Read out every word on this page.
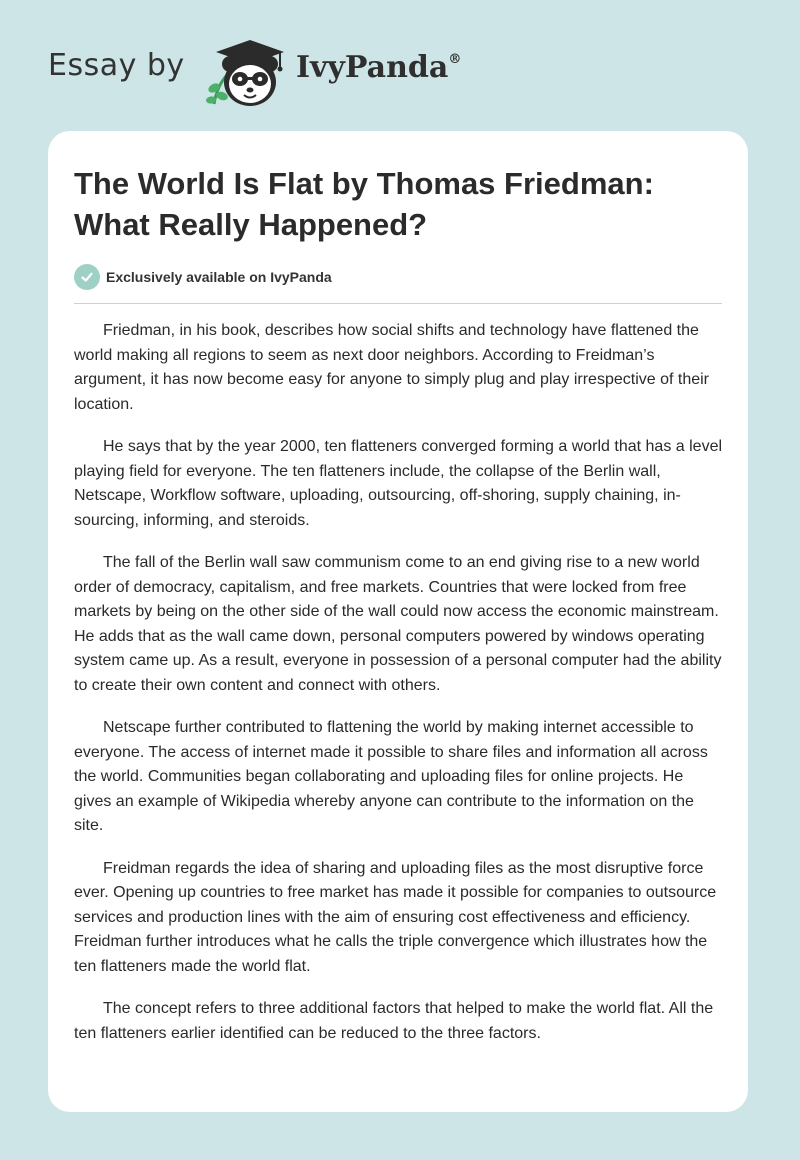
Essay by	IvyPanda®
The World Is Flat by Thomas Friedman: What Really Happened?
Exclusively available on IvyPanda

Friedman, in his book, describes how social shifts and technology have flattened the world making all regions to seem as next door neighbors. According to Freidman’s argument, it has now become easy for anyone to simply plug and play irrespective of their location.

He says that by the year 2000, ten flatteners converged forming a world that has a level playing field for everyone. The ten flatteners include, the collapse of the Berlin wall, Netscape, Workflow software, uploading, outsourcing, off-shoring, supply chaining, in-sourcing, informing, and steroids.

The fall of the Berlin wall saw communism come to an end giving rise to a new world order of democracy, capitalism, and free markets. Countries that were locked from free markets by being on the other side of the wall could now access the economic mainstream. He adds that as the wall came down, personal computers powered by windows operating system came up. As a result, everyone in possession of a personal computer had the ability to create their own content and connect with others.

Netscape further contributed to flattening the world by making internet accessible to everyone. The access of internet made it possible to share files and information all across the world. Communities began collaborating and uploading files for online projects. He gives an example of Wikipedia whereby anyone can contribute to the information on the site.

Freidman regards the idea of sharing and uploading files as the most disruptive force ever. Opening up countries to free market has made it possible for companies to outsource services and production lines with the aim of ensuring cost effectiveness and efficiency. Freidman further introduces what he calls the triple convergence which illustrates how the ten flatteners made the world flat.

The concept refers to three additional factors that helped to make the world flat. All the ten flatteners earlier identified can be reduced to the three factors.
